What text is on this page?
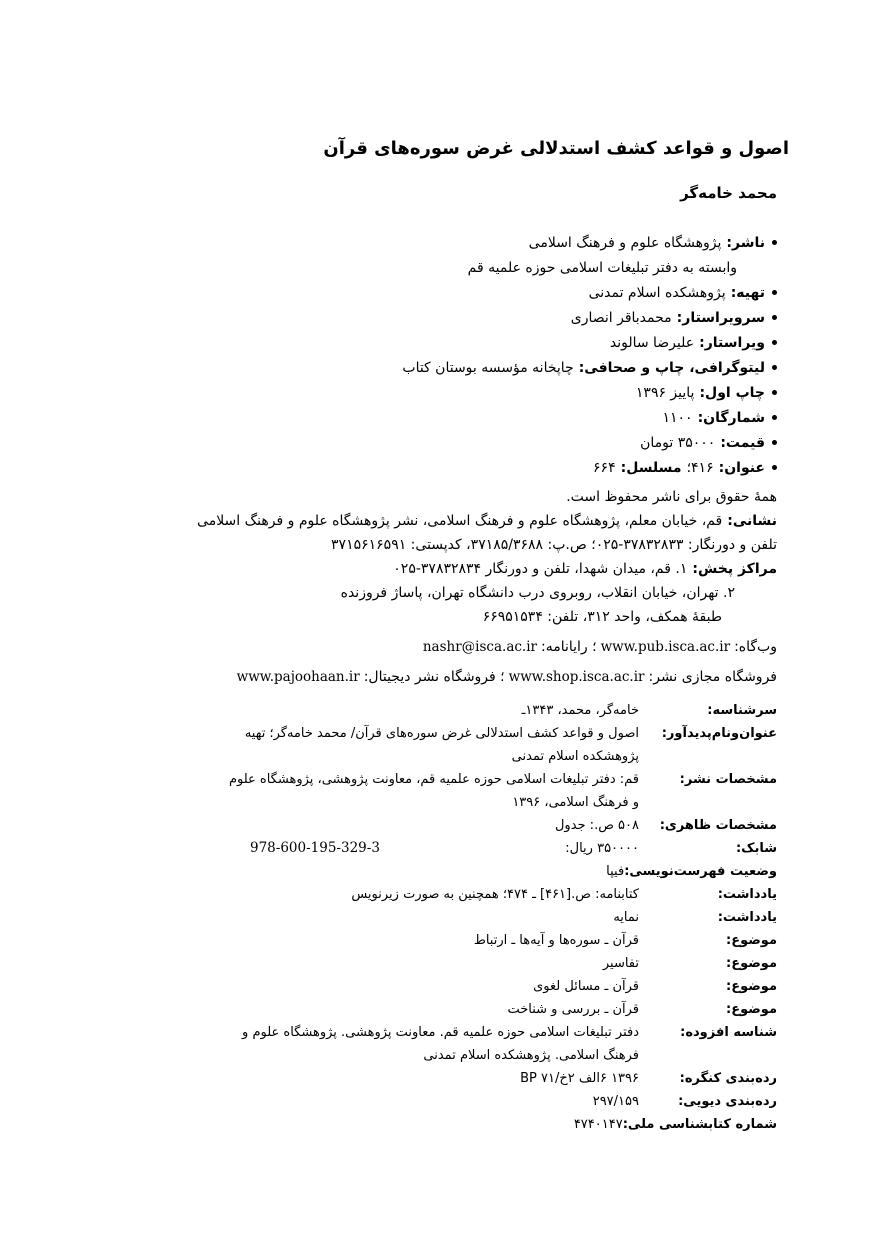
اصول و قواعد کشف استدلالی غرض سوره‌های قرآن
محمد خامه‌گر
ناشر:پژوهشگاه علوم و فرهنگ اسلامی
وابسته به دفتر تبلیغات اسلامی حوزه علمیه قم
تهیه:پژوهشکده اسلام تمدنی
سرویراستار:محمدباقر انصاری
ویراستار:علیرضا سالوند
لیتوگرافی، چاپ و صحافی:چاپخانه مؤسسه بوستان کتاب
چاپ اول:پاییز ۱۳۹۶
شمارگان:۱۱۰۰
قیمت:۳۵۰۰۰ تومان
عنوان:۴۱۶؛مسلسل:۶۶۴
همهٔ حقوق برای ناشر محفوظ است.
نشانی:قم، خیابان معلم، پژوهشگاه علوم و فرهنگ اسلامی، نشر پژوهشگاه علوم و فرهنگ اسلامی
تلفن و دورنگار: ۳۷۸۳۲۸۳۳-۰۲۵؛ ص.پ: ۳۷۱۸۵/۳۶۸۸، کدپستی: ۳۷۱۵۶۱۶۵۹۱
مراکز پخش:۱. قم، میدان شهدا، تلفن و دورنگار ۳۷۸۳۲۸۳۴-۰۲۵
۲. تهران، خیابان انقلاب، روبروی درب دانشگاه تهران، پاساژ فروزنده
طبقهٔ همکف، واحد ۳۱۲، تلفن: ۶۶۹۵۱۵۳۴
وب‌گاه:www.pub.isca.ac.ir؛ رایانامه:nashr@isca.ac.ir
فروشگاه مجازی نشر:www.shop.isca.ac.ir؛ فروشگاه نشر دیجیتال:www.pajoohaan.ir
سرشناسه:
خامه‌گر، محمد، ۱۳۴۳ـ
عنوان‌ونام‌پدیدآور:
اصول و قواعد کشف استدلالی غرض سوره‌های قرآن/ محمد خامه‌گر؛ تهیه
پژوهشکده اسلام تمدنی
مشخصات نشر:
قم: دفتر تبلیغات اسلامی حوزه علمیه قم، معاونت پژوهشی، پژوهشگاه علوم
و فرهنگ اسلامی، ۱۳۹۶
مشخصات ظاهری:
۵۰۸ ص.: جدول
شابک:
978-600-195-329-3	۳۵۰۰۰۰ ریال:
وضعیت فهرست‌نویسی:
فیپا
یادداشت:
کتابنامه: ص.[۴۶۱] ـ ۴۷۴؛ همچنین به صورت زیرنویس
یادداشت:
نمایه
موضوع:
قرآن ـ سوره‌ها و آیه‌ها ـ ارتباط
موضوع:
تفاسیر
موضوع:
قرآن ـ مسائل لغوی
موضوع:
قرآن ـ بررسی و شناخت
شناسه افزوده:
دفتر تبلیغات اسلامی حوزه علمیه قم. معاونت پژوهشی. پژوهشگاه علوم و
فرهنگ اسلامی. پژوهشکده اسلام تمدنی
رده‌بندی کنگره:
۱۳۹۶ ۶الف ۲خ/BP ۷۱
رده‌بندی دیویی:
۲۹۷/۱۵۹
شماره کتابشناسی ملی:
۴۷۴۰۱۴۷
